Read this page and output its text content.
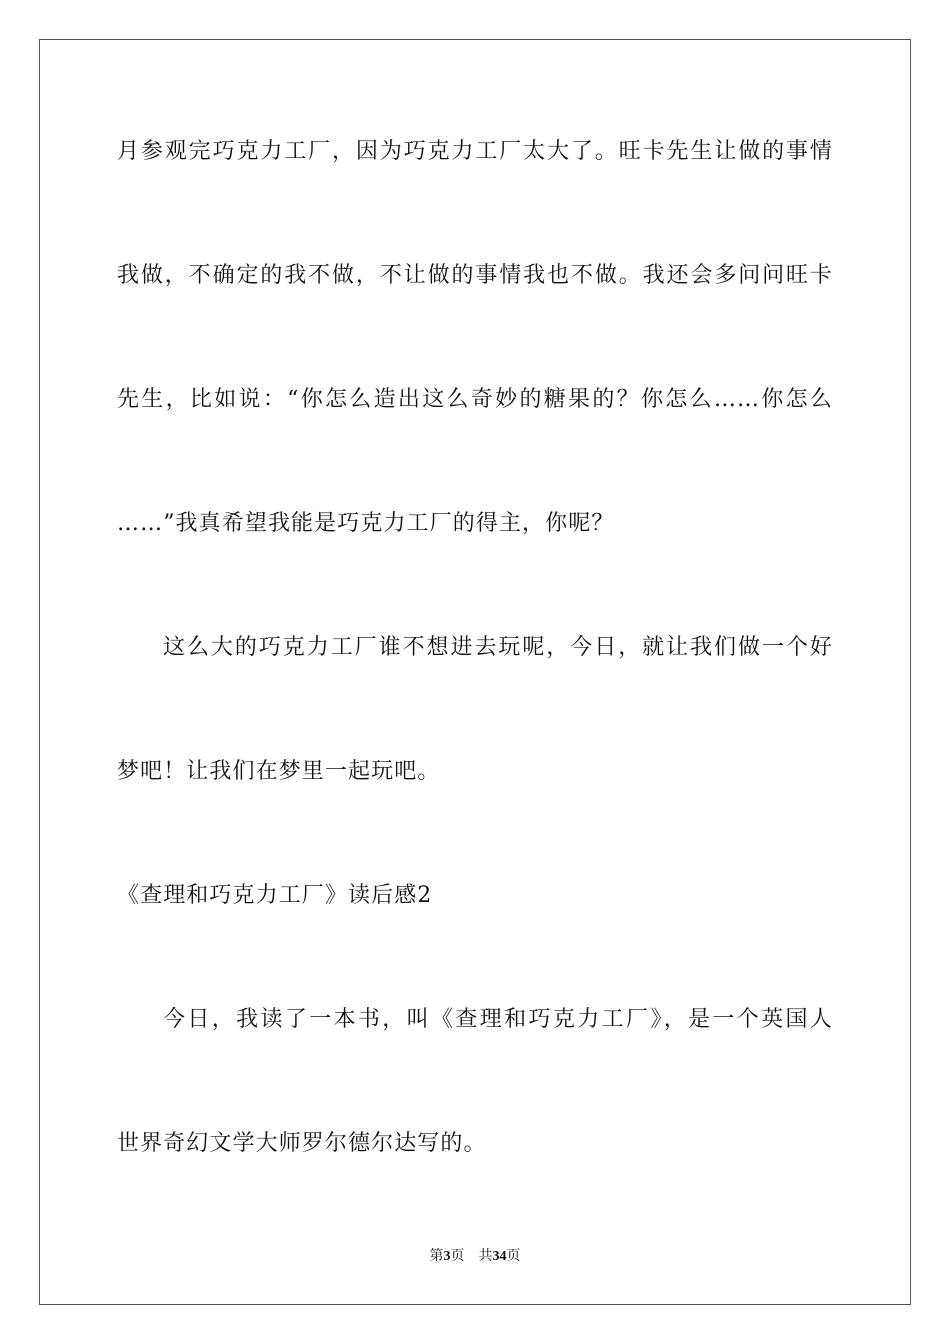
月参观完巧克力工厂，因为巧克力工厂太大了。旺卡先生让做的事情
我做，不确定的我不做，不让做的事情我也不做。我还会多问问旺卡
先生，比如说：“你怎么造出这么奇妙的糖果的？你怎么……你怎么
……”我真希望我能是巧克力工厂的得主，你呢？
这么大的巧克力工厂谁不想进去玩呢，今日，就让我们做一个好
梦吧！让我们在梦里一起玩吧。
《查理和巧克力工厂》读后感2
今日，我读了一本书，叫《查理和巧克力工厂》，是一个英国人
世界奇幻文学大师罗尔德尔达写的。
第3页 共34页
